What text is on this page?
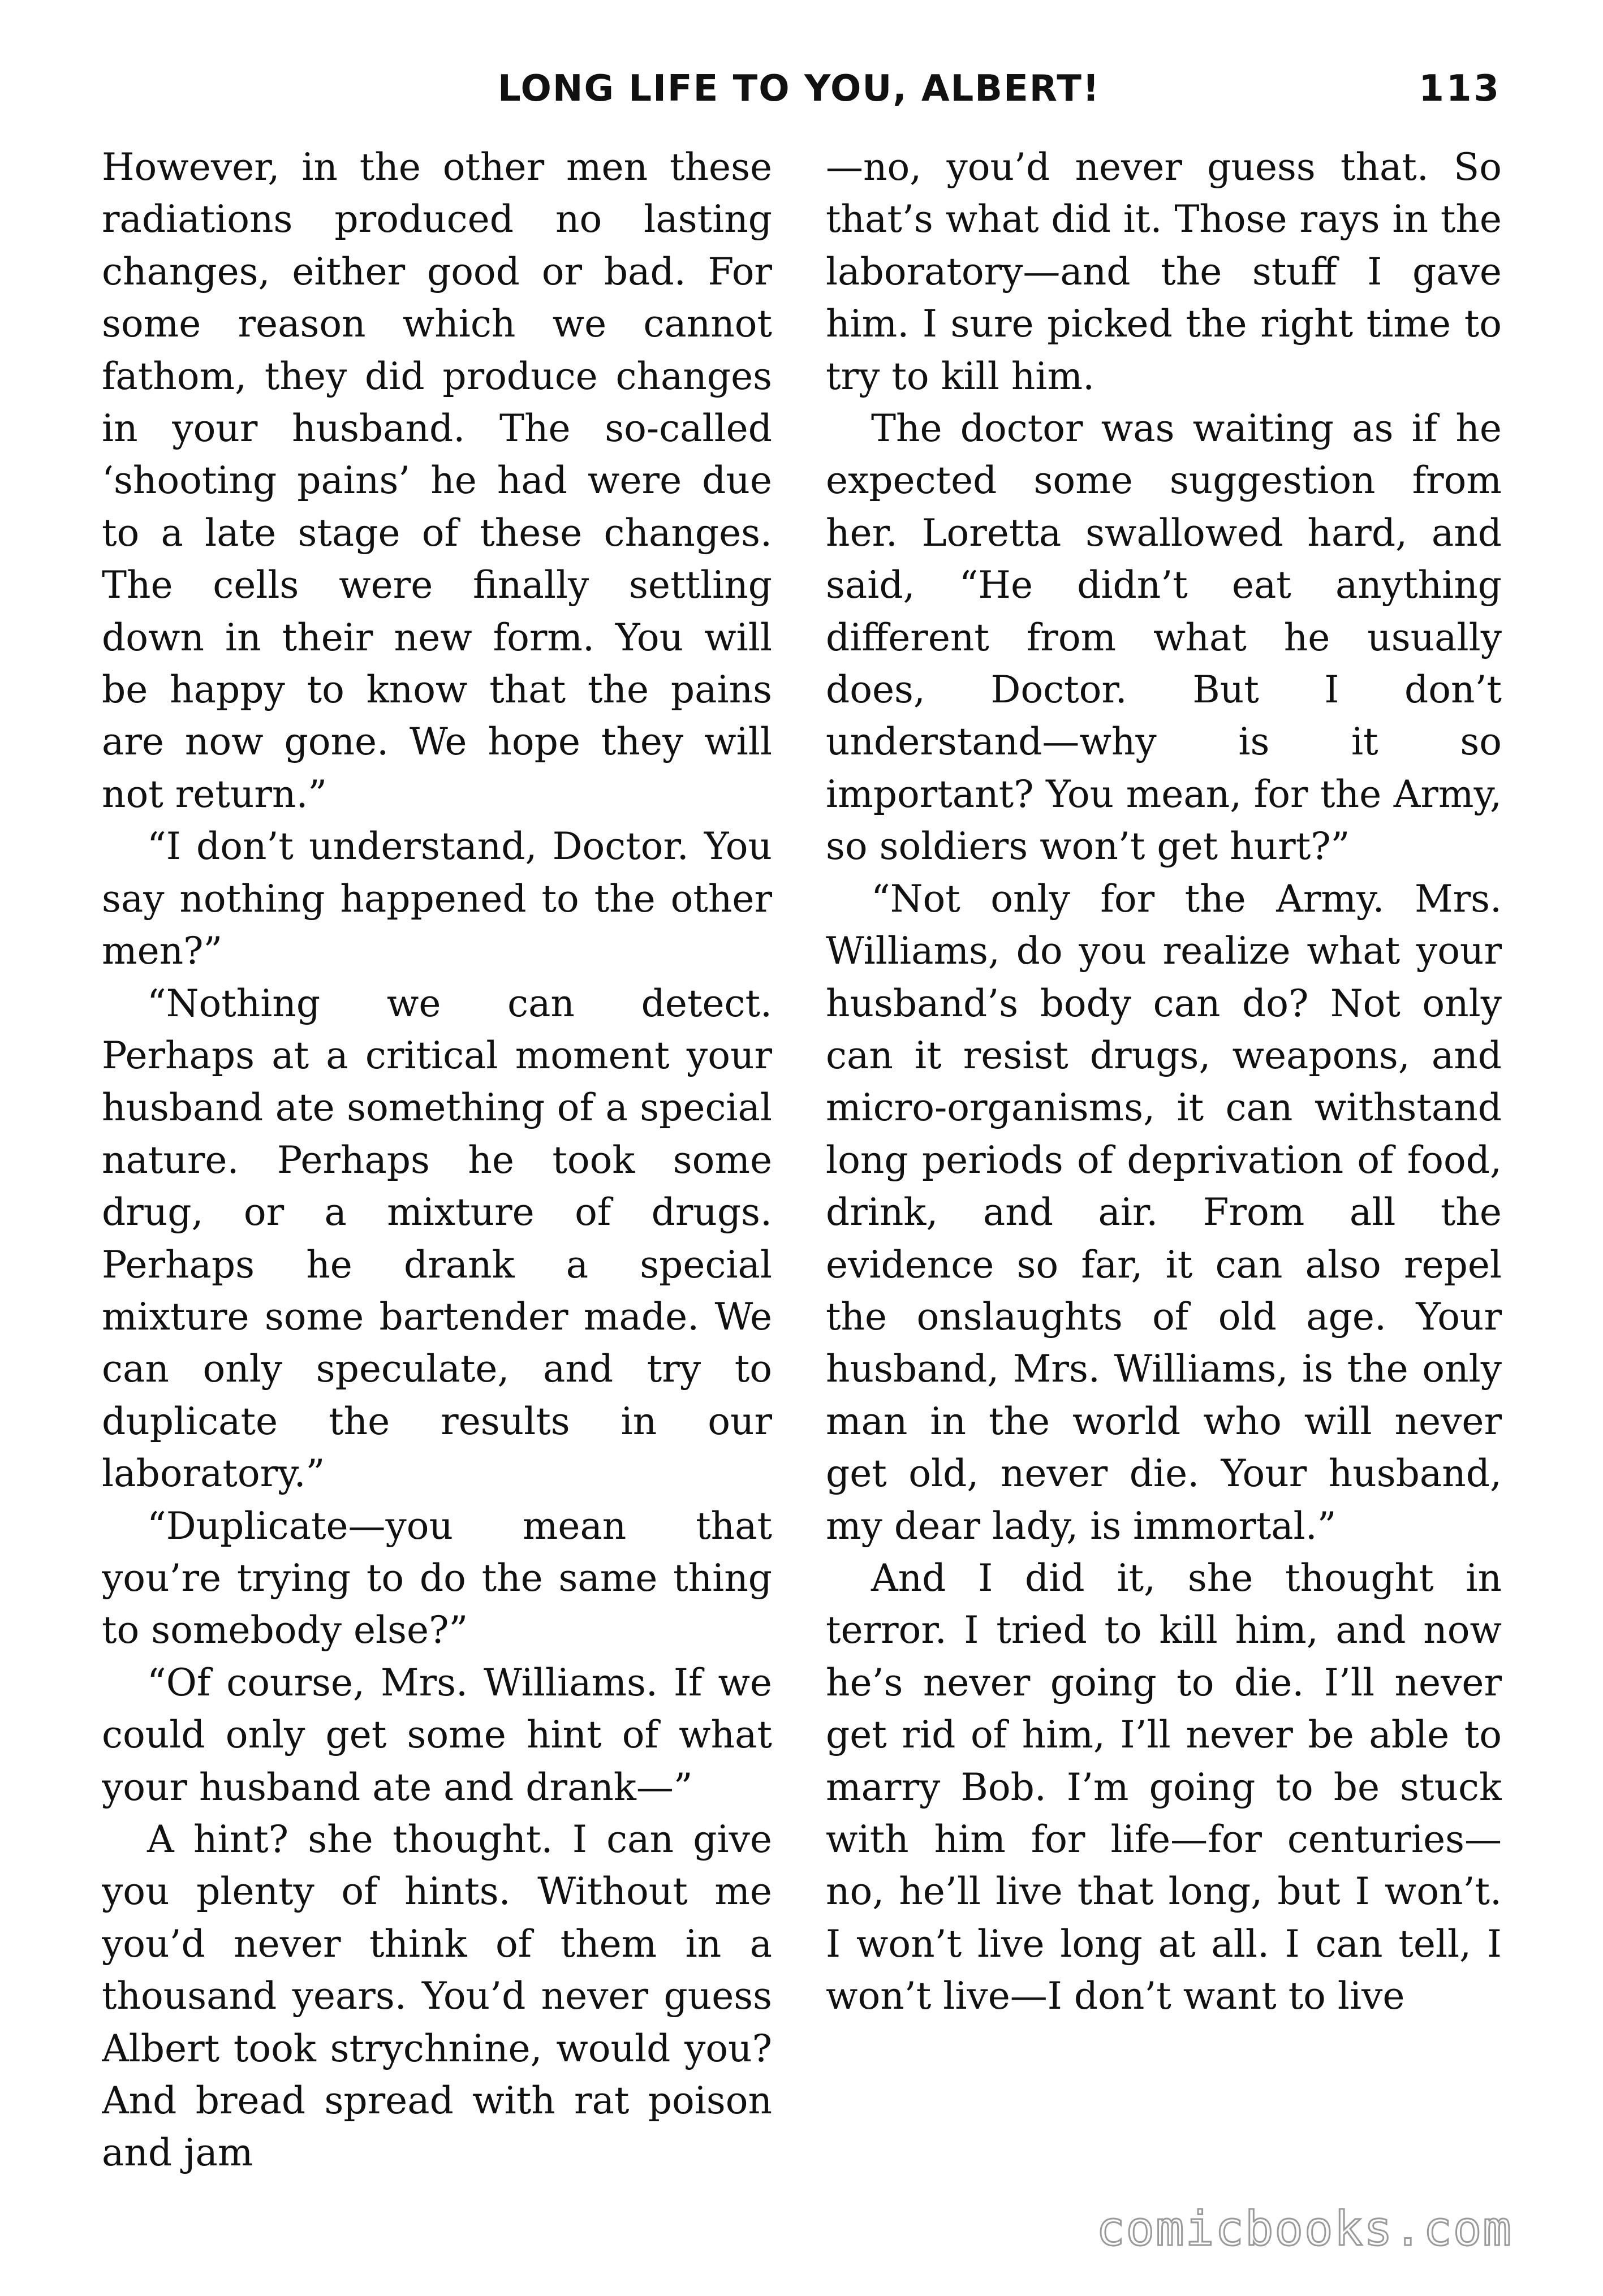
LONG LIFE TO YOU, ALBERT!	113

However, in the other men these radiations produced no lasting changes, either good or bad. For some reason which we cannot fathom, they did produce changes in your husband. The so-called ‘shooting pains’ he had were due to a late stage of these changes. The cells were finally settling down in their new form. You will be happy to know that the pains are now gone. We hope they will not return.”

“I don’t understand, Doctor. You say nothing happened to the other men?”

“Nothing we can detect. Perhaps at a critical moment your husband ate something of a special nature. Perhaps he took some drug, or a mixture of drugs. Perhaps he drank a special mixture some bartender made. We can only speculate, and try to duplicate the results in our laboratory.”

“Duplicate—you mean that you’re trying to do the same thing to somebody else?”

“Of course, Mrs. Williams. If we could only get some hint of what your husband ate and drank—”

A hint? she thought. I can give you plenty of hints. Without me you’d never think of them in a thousand years. You’d never guess Albert took strychnine, would you? And bread spread with rat poison and jam

—no, you’d never guess that. So that’s what did it. Those rays in the laboratory—and the stuff I gave him. I sure picked the right time to try to kill him.

The doctor was waiting as if he expected some suggestion from her. Loretta swallowed hard, and said, “He didn’t eat anything different from what he usually does, Doctor. But I don’t understand—why is it so important? You mean, for the Army, so soldiers won’t get hurt?”

“Not only for the Army. Mrs. Williams, do you realize what your husband’s body can do? Not only can it resist drugs, weapons, and micro-organisms, it can withstand long periods of deprivation of food, drink, and air. From all the evidence so far, it can also repel the onslaughts of old age. Your husband, Mrs. Williams, is the only man in the world who will never get old, never die. Your husband, my dear lady, is immortal.”

And I did it, she thought in terror. I tried to kill him, and now he’s never going to die. I’ll never get rid of him, I’ll never be able to marry Bob. I’m going to be stuck with him for life—for centuries—no, he’ll live that long, but I won’t. I won’t live long at all. I can tell, I won’t live—I don’t want to live

comicbooks.com
